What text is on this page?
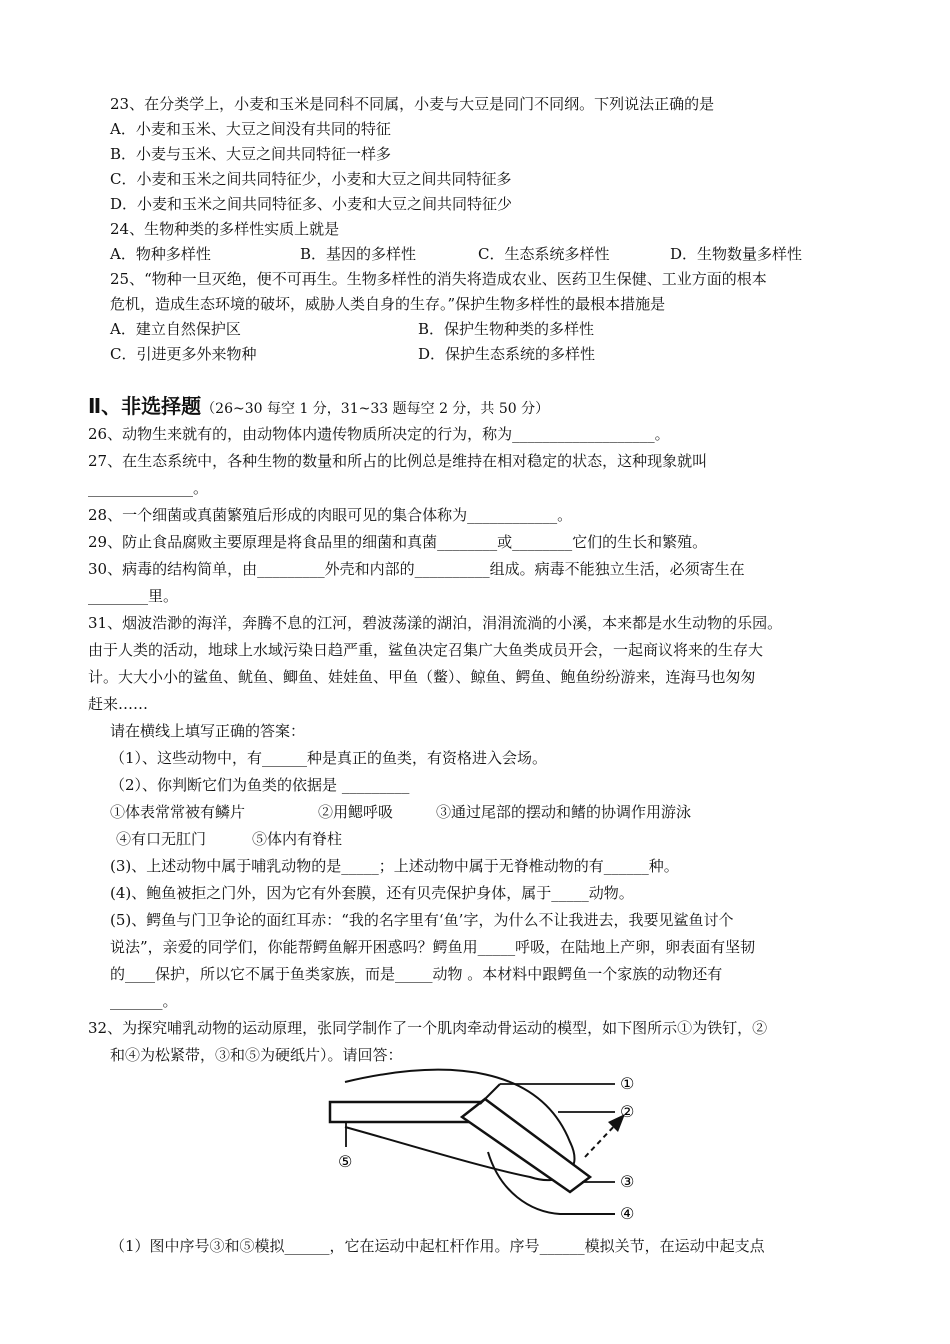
23、在分类学上，小麦和玉米是同科不同属，小麦与大豆是同门不同纲。下列说法正确的是
A．小麦和玉米、大豆之间没有共同的特征
B．小麦与玉米、大豆之间共同特征一样多
C．小麦和玉米之间共同特征少，小麦和大豆之间共同特征多
D．小麦和玉米之间共同特征多、小麦和大豆之间共同特征少
24、生物种类的多样性实质上就是
A．物种多样性	B．基因的多样性	C．生态系统多样性	D．生物数量多样性
25、“物种一旦灭绝，便不可再生。生物多样性的消失将造成农业、医药卫生保健、工业方面的根本
危机，造成生态环境的破坏，威胁人类自身的生存。”保护生物多样性的最根本措施是
A．建立自然保护区	B．保护生物种类的多样性
C．引进更多外来物种	D．保护生态系统的多样性
Ⅱ、非选择题（26~30 每空 1 分，31~33 题每空 2 分，共 50 分）
26、动物生来就有的，由动物体内遗传物质所决定的行为，称为___________________。
27、在生态系统中，各种生物的数量和所占的比例总是维持在相对稳定的状态，这种现象就叫
______________。
28、一个细菌或真菌繁殖后形成的肉眼可见的集合体称为____________。
29、防止食品腐败主要原理是将食品里的细菌和真菌________或________它们的生长和繁殖。
30、病毒的结构简单，由_________外壳和内部的__________组成。病毒不能独立生活，必须寄生在
________里。
31、烟波浩渺的海洋，奔腾不息的江河，碧波荡漾的湖泊，涓涓流淌的小溪，本来都是水生动物的乐园。
由于人类的活动，地球上水域污染日趋严重，鲨鱼决定召集广大鱼类成员开会，一起商议将来的生存大
计。大大小小的鲨鱼、鱿鱼、鲫鱼、娃娃鱼、甲鱼（鳖）、鲸鱼、鳄鱼、鲍鱼纷纷游来，连海马也匆匆
赶来……
请在横线上填写正确的答案：
（1）、这些动物中，有______种是真正的鱼类，有资格进入会场。
（2）、你判断它们为鱼类的依据是 _________
①体表常常被有鳞片	②用鳃呼吸	③通过尾部的摆动和鳍的协调作用游泳
④有口无肛门	⑤体内有脊柱
(3)、上述动物中属于哺乳动物的是_____；上述动物中属于无脊椎动物的有______种。
(4)、鲍鱼被拒之门外，因为它有外套膜，还有贝壳保护身体，属于_____动物。
(5)、鳄鱼与门卫争论的面红耳赤：“我的名字里有‘鱼’字，为什么不让我进去，我要见鲨鱼讨个
说法”，亲爱的同学们，你能帮鳄鱼解开困惑吗？鳄鱼用_____呼吸，在陆地上产卵，卵表面有坚韧
的____保护，所以它不属于鱼类家族，而是_____动物 。本材料中跟鳄鱼一个家族的动物还有
_______。
32、为探究哺乳动物的运动原理，张同学制作了一个肌肉牵动骨运动的模型，如下图所示①为铁钉，②
和④为松紧带，③和⑤为硬纸片）。请回答：
①
②
③
④
⑤
（1）图中序号③和⑤模拟______，它在运动中起杠杆作用。序号______模拟关节，在运动中起支点
